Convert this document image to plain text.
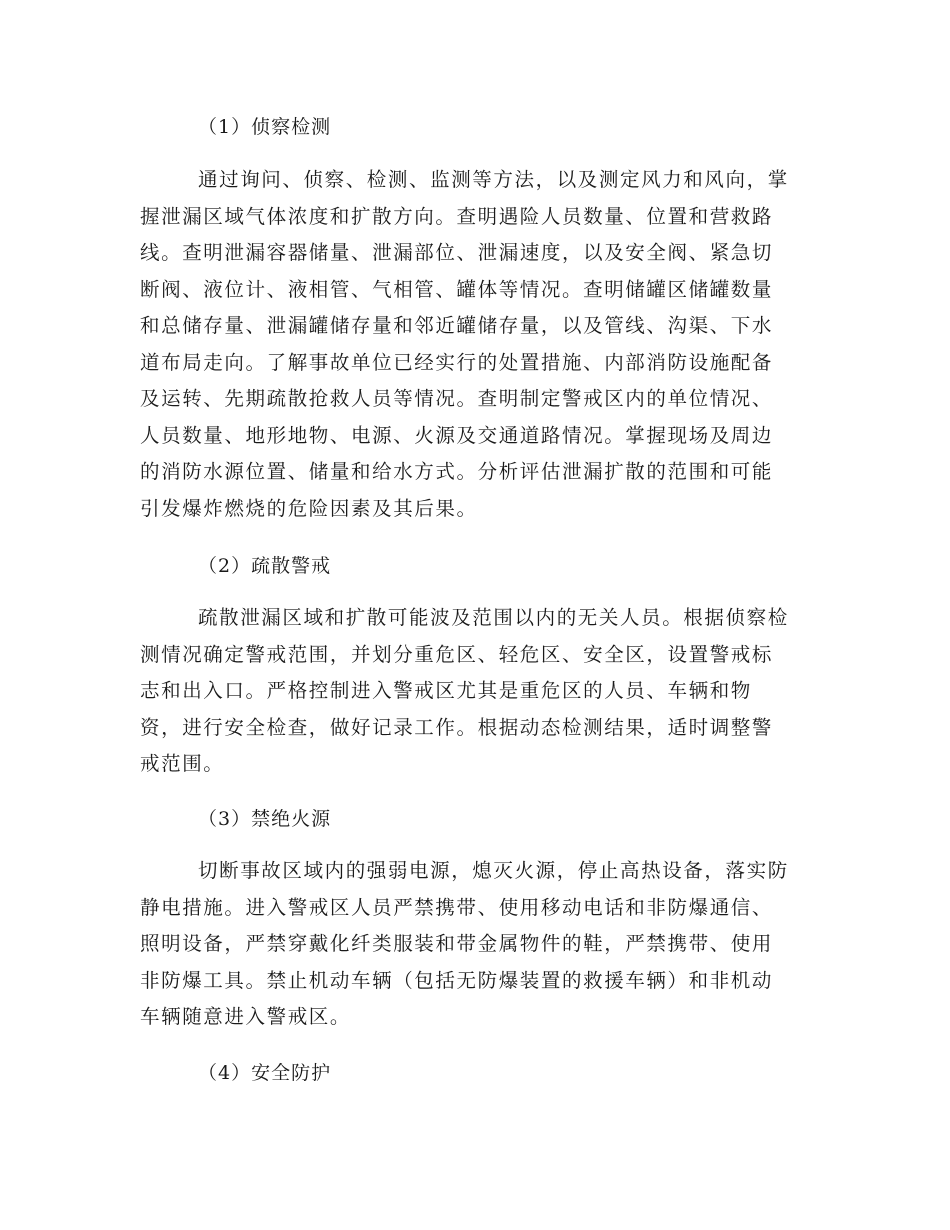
（1）侦察检测
通过询问、侦察、检测、监测等方法，以及测定风力和风向，掌
握泄漏区域气体浓度和扩散方向。查明遇险人员数量、位置和营救路
线。查明泄漏容器储量、泄漏部位、泄漏速度，以及安全阀、紧急切
断阀、液位计、液相管、气相管、罐体等情况。查明储罐区储罐数量
和总储存量、泄漏罐储存量和邻近罐储存量，以及管线、沟渠、下水
道布局走向。了解事故单位已经实行的处置措施、内部消防设施配备
及运转、先期疏散抢救人员等情况。查明制定警戒区内的单位情况、
人员数量、地形地物、电源、火源及交通道路情况。掌握现场及周边
的消防水源位置、储量和给水方式。分析评估泄漏扩散的范围和可能
引发爆炸燃烧的危险因素及其后果。
（2）疏散警戒
疏散泄漏区域和扩散可能波及范围以内的无关人员。根据侦察检
测情况确定警戒范围，并划分重危区、轻危区、安全区，设置警戒标
志和出入口。严格控制进入警戒区尤其是重危区的人员、车辆和物
资，进行安全检查，做好记录工作。根据动态检测结果，适时调整警
戒范围。
（3）禁绝火源
切断事故区域内的强弱电源，熄灭火源，停止高热设备，落实防
静电措施。进入警戒区人员严禁携带、使用移动电话和非防爆通信、
照明设备，严禁穿戴化纤类服装和带金属物件的鞋，严禁携带、使用
非防爆工具。禁止机动车辆（包括无防爆装置的救援车辆）和非机动
车辆随意进入警戒区。
（4）安全防护
